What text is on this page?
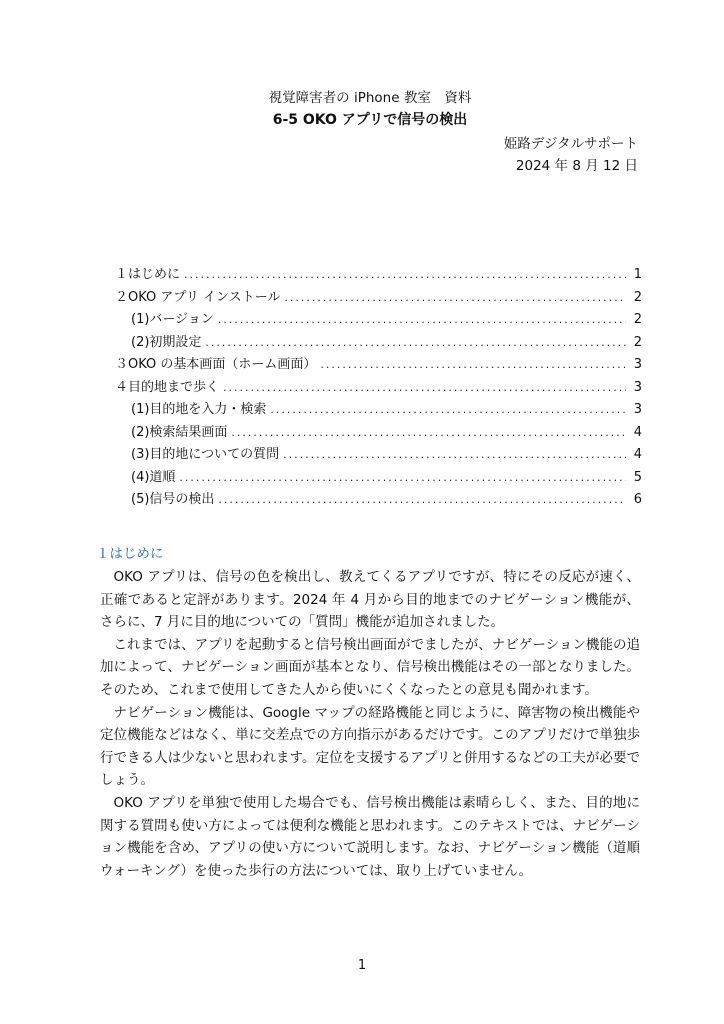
視覚障害者の iPhone 教室　資料
6-5 OKO アプリで信号の検出
姫路デジタルサポート
2024 年 8 月 12 日
１はじめに .....	1
２OKO アプリ インストール .....	2
(1)バージョン .....	2
(2)初期設定 .....	2
３OKO の基本画面（ホーム画面） .....	3
４目的地まで歩く .....	3
(1)目的地を入力・検索 .....	3
(2)検索結果画面 .....	4
(3)目的地についての質問 .....	4
(4)道順 .....	5
(5)信号の検出 .....	6
１はじめに

OKO アプリは、信号の色を検出し、教えてくるアプリですが、特にその反応が速く、正確であると定評があります。2024 年 4 月から目的地までのナビゲーション機能が、さらに、7 月に目的地についての「質問」機能が追加されました。

これまでは、アプリを起動すると信号検出画面がでましたが、ナビゲーション機能の追加によって、ナビゲーション画面が基本となり、信号検出機能はその一部となりました。そのため、これまで使用してきた人から使いにくくなったとの意見も聞かれます。

ナビゲーション機能は、Google マップの経路機能と同じように、障害物の検出機能や定位機能などはなく、単に交差点での方向指示があるだけです。このアプリだけで単独歩行できる人は少ないと思われます。定位を支援するアプリと併用するなどの工夫が必要でしょう。

OKO アプリを単独で使用した場合でも、信号検出機能は素晴らしく、また、目的地に関する質問も使い方によっては便利な機能と思われます。このテキストでは、ナビゲーション機能を含め、アプリの使い方について説明します。なお、ナビゲーション機能（道順ウォーキング）を使った歩行の方法については、取り上げていません。

1
